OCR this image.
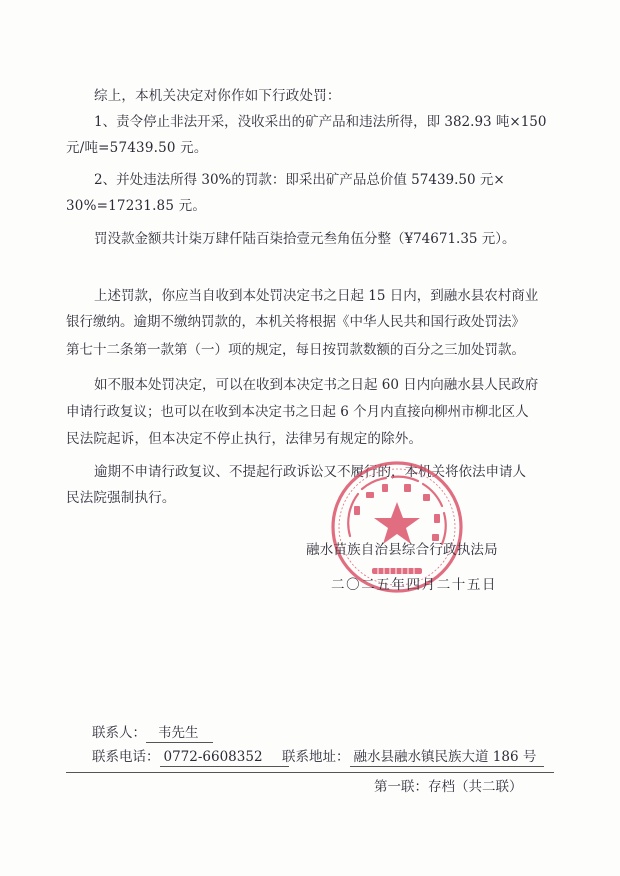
综上，本机关决定对你作如下行政处罚：
1、责令停止非法开采，没收采出的矿产品和违法所得，即 382.93 吨×150
元/吨=57439.50 元。
2、并处违法所得 30%的罚款：即采出矿产品总价值 57439.50 元×
30%=17231.85 元。
罚没款金额共计柒万肆仟陆百柒拾壹元叁角伍分整（¥74671.35 元）。
上述罚款，你应当自收到本处罚决定书之日起 15 日内，到融水县农村商业
银行缴纳。逾期不缴纳罚款的，本机关将根据《中华人民共和国行政处罚法》
第七十二条第一款第（一）项的规定，每日按罚款数额的百分之三加处罚款。
如不服本处罚决定，可以在收到本决定书之日起 60 日内向融水县人民政府
申请行政复议；也可以在收到本决定书之日起 6 个月内直接向柳州市柳北区人
民法院起诉，但本决定不停止执行，法律另有规定的除外。
逾期不申请行政复议、不提起行政诉讼又不履行的，本机关将依法申请人
民法院强制执行。
融水苗族自治县综合行政执法局
二〇二五年四月二十五日
联系人： 韦先生
联系电话： 0772-6608352	联系地址： 融水县融水镇民族大道 186 号
第一联：存档（共二联）
